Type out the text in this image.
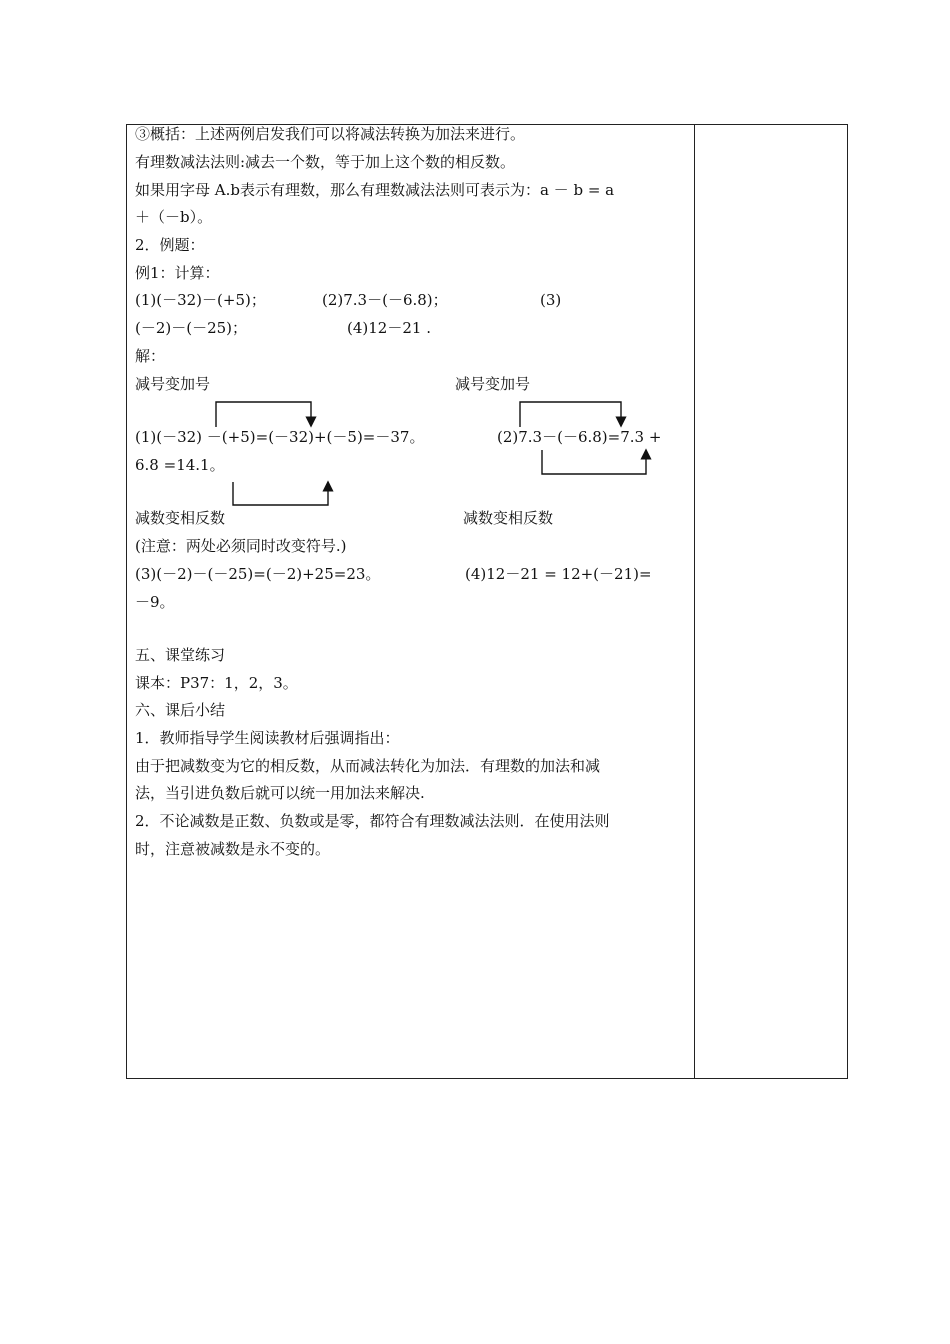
③概括：上述两例启发我们可以将减法转换为加法来进行。
有理数减法法则:减去一个数，等于加上这个数的相反数。
如果用字母 A.b表示有理数，那么有理数减法法则可表示为：a － b = a
＋（－b）。
2．例题：
例1：计算：
(1)(－32)－(+5)；	(2)7.3－(－6.8)；	(3)
(－2)－(－25)；	(4)12－21 .
解：
减号变加号	减号变加号
(1)(－32) －(+5)=(－32)+(－5)=－37。	(2)7.3－(－6.8)=7.3 +
6.8 =14.1。
减数变相反数	减数变相反数
(注意：两处必须同时改变符号.)
(3)(－2)－(－25)=(－2)+25=23。	(4)12－21 = 12+(－21)=
－9。
五、课堂练习
课本：P37：1，2，3。
六、课后小结
1．教师指导学生阅读教材后强调指出：
由于把减数变为它的相反数，从而减法转化为加法．有理数的加法和减
法，当引进负数后就可以统一用加法来解决.
2．不论减数是正数、负数或是零，都符合有理数减法法则．在使用法则
时，注意被减数是永不变的。
